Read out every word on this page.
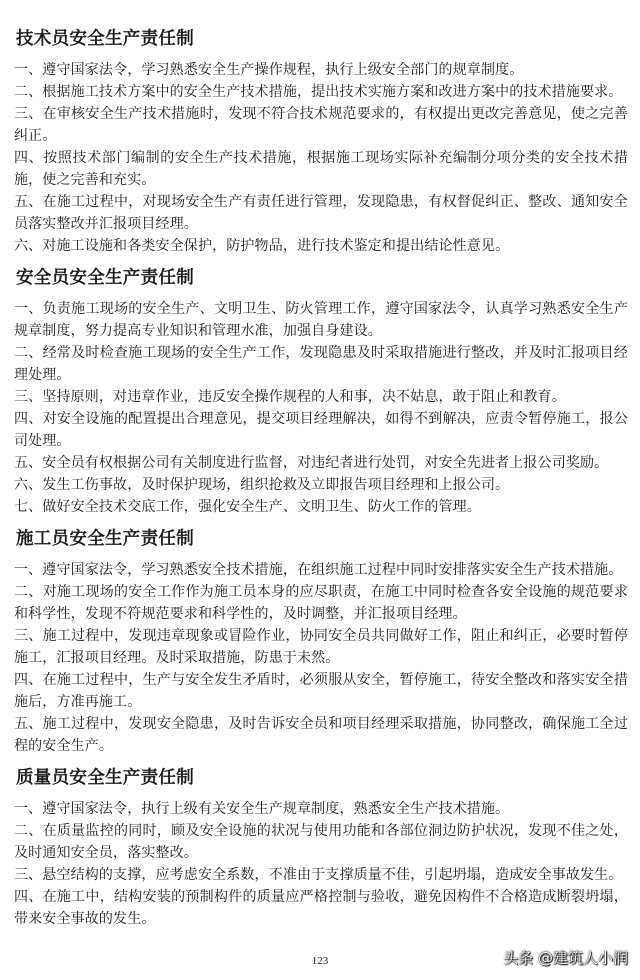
技术员安全生产责任制

一、遵守国家法令，学习熟悉安全生产操作规程，执行上级安全部门的规章制度。

二、根据施工技术方案中的安全生产技术措施，提出技术实施方案和改进方案中的技术措施要求。

三、在审核安全生产技术措施时，发现不符合技术规范要求的，有权提出更改完善意见，使之完善纠正。

四、按照技术部门编制的安全生产技术措施，根据施工现场实际补充编制分项分类的安全技术措施，使之完善和充实。

五、在施工过程中，对现场安全生产有责任进行管理，发现隐患，有权督促纠正、整改、通知安全员落实整改并汇报项目经理。

六、对施工设施和各类安全保护，防护物品，进行技术鉴定和提出结论性意见。

安全员安全生产责任制

一、负责施工现场的安全生产、文明卫生、防火管理工作，遵守国家法令，认真学习熟悉安全生产规章制度，努力提高专业知识和管理水准，加强自身建设。

二、经常及时检查施工现场的安全生产工作，发现隐患及时采取措施进行整改，并及时汇报项目经理处理。

三、坚持原则，对违章作业，违反安全操作规程的人和事，决不姑息，敢于阻止和教育。

四、对安全设施的配置提出合理意见，提交项目经理解决，如得不到解决，应责令暂停施工，报公司处理。

五、安全员有权根据公司有关制度进行监督，对违纪者进行处罚，对安全先进者上报公司奖励。

六、发生工伤事故，及时保护现场，组织抢救及立即报告项目经理和上报公司。

七、做好安全技术交底工作，强化安全生产、文明卫生、防火工作的管理。

施工员安全生产责任制

一、遵守国家法令，学习熟悉安全技术措施，在组织施工过程中同时安排落实安全生产技术措施。

二、对施工现场的安全工作作为施工员本身的应尽职责，在施工中同时检查各安全设施的规范要求和科学性，发现不符规范要求和科学性的，及时调整，并汇报项目经理。

三、施工过程中，发现违章现象或冒险作业，协同安全员共同做好工作，阻止和纠正，必要时暂停施工，汇报项目经理。及时采取措施，防患于未然。

四、在施工过程中，生产与安全发生矛盾时，必须服从安全，暂停施工，待安全整改和落实安全措施后，方准再施工。

五、施工过程中，发现安全隐患，及时告诉安全员和项目经理采取措施，协同整改，确保施工全过程的安全生产。

质量员安全生产责任制

一、遵守国家法令，执行上级有关安全生产规章制度，熟悉安全生产技术措施。

二、在质量监控的同时，顾及安全设施的状况与使用功能和各部位洞边防护状况，发现不佳之处，及时通知安全员，落实整改。

三、悬空结构的支撑，应考虑安全系数，不准由于支撑质量不佳，引起坍塌，造成安全事故发生。

四、在施工中，结构安装的预制构件的质量应严格控制与验收，避免因构件不合格造成断裂坍塌，带来安全事故的发生。

123	头条 @建筑人小润
